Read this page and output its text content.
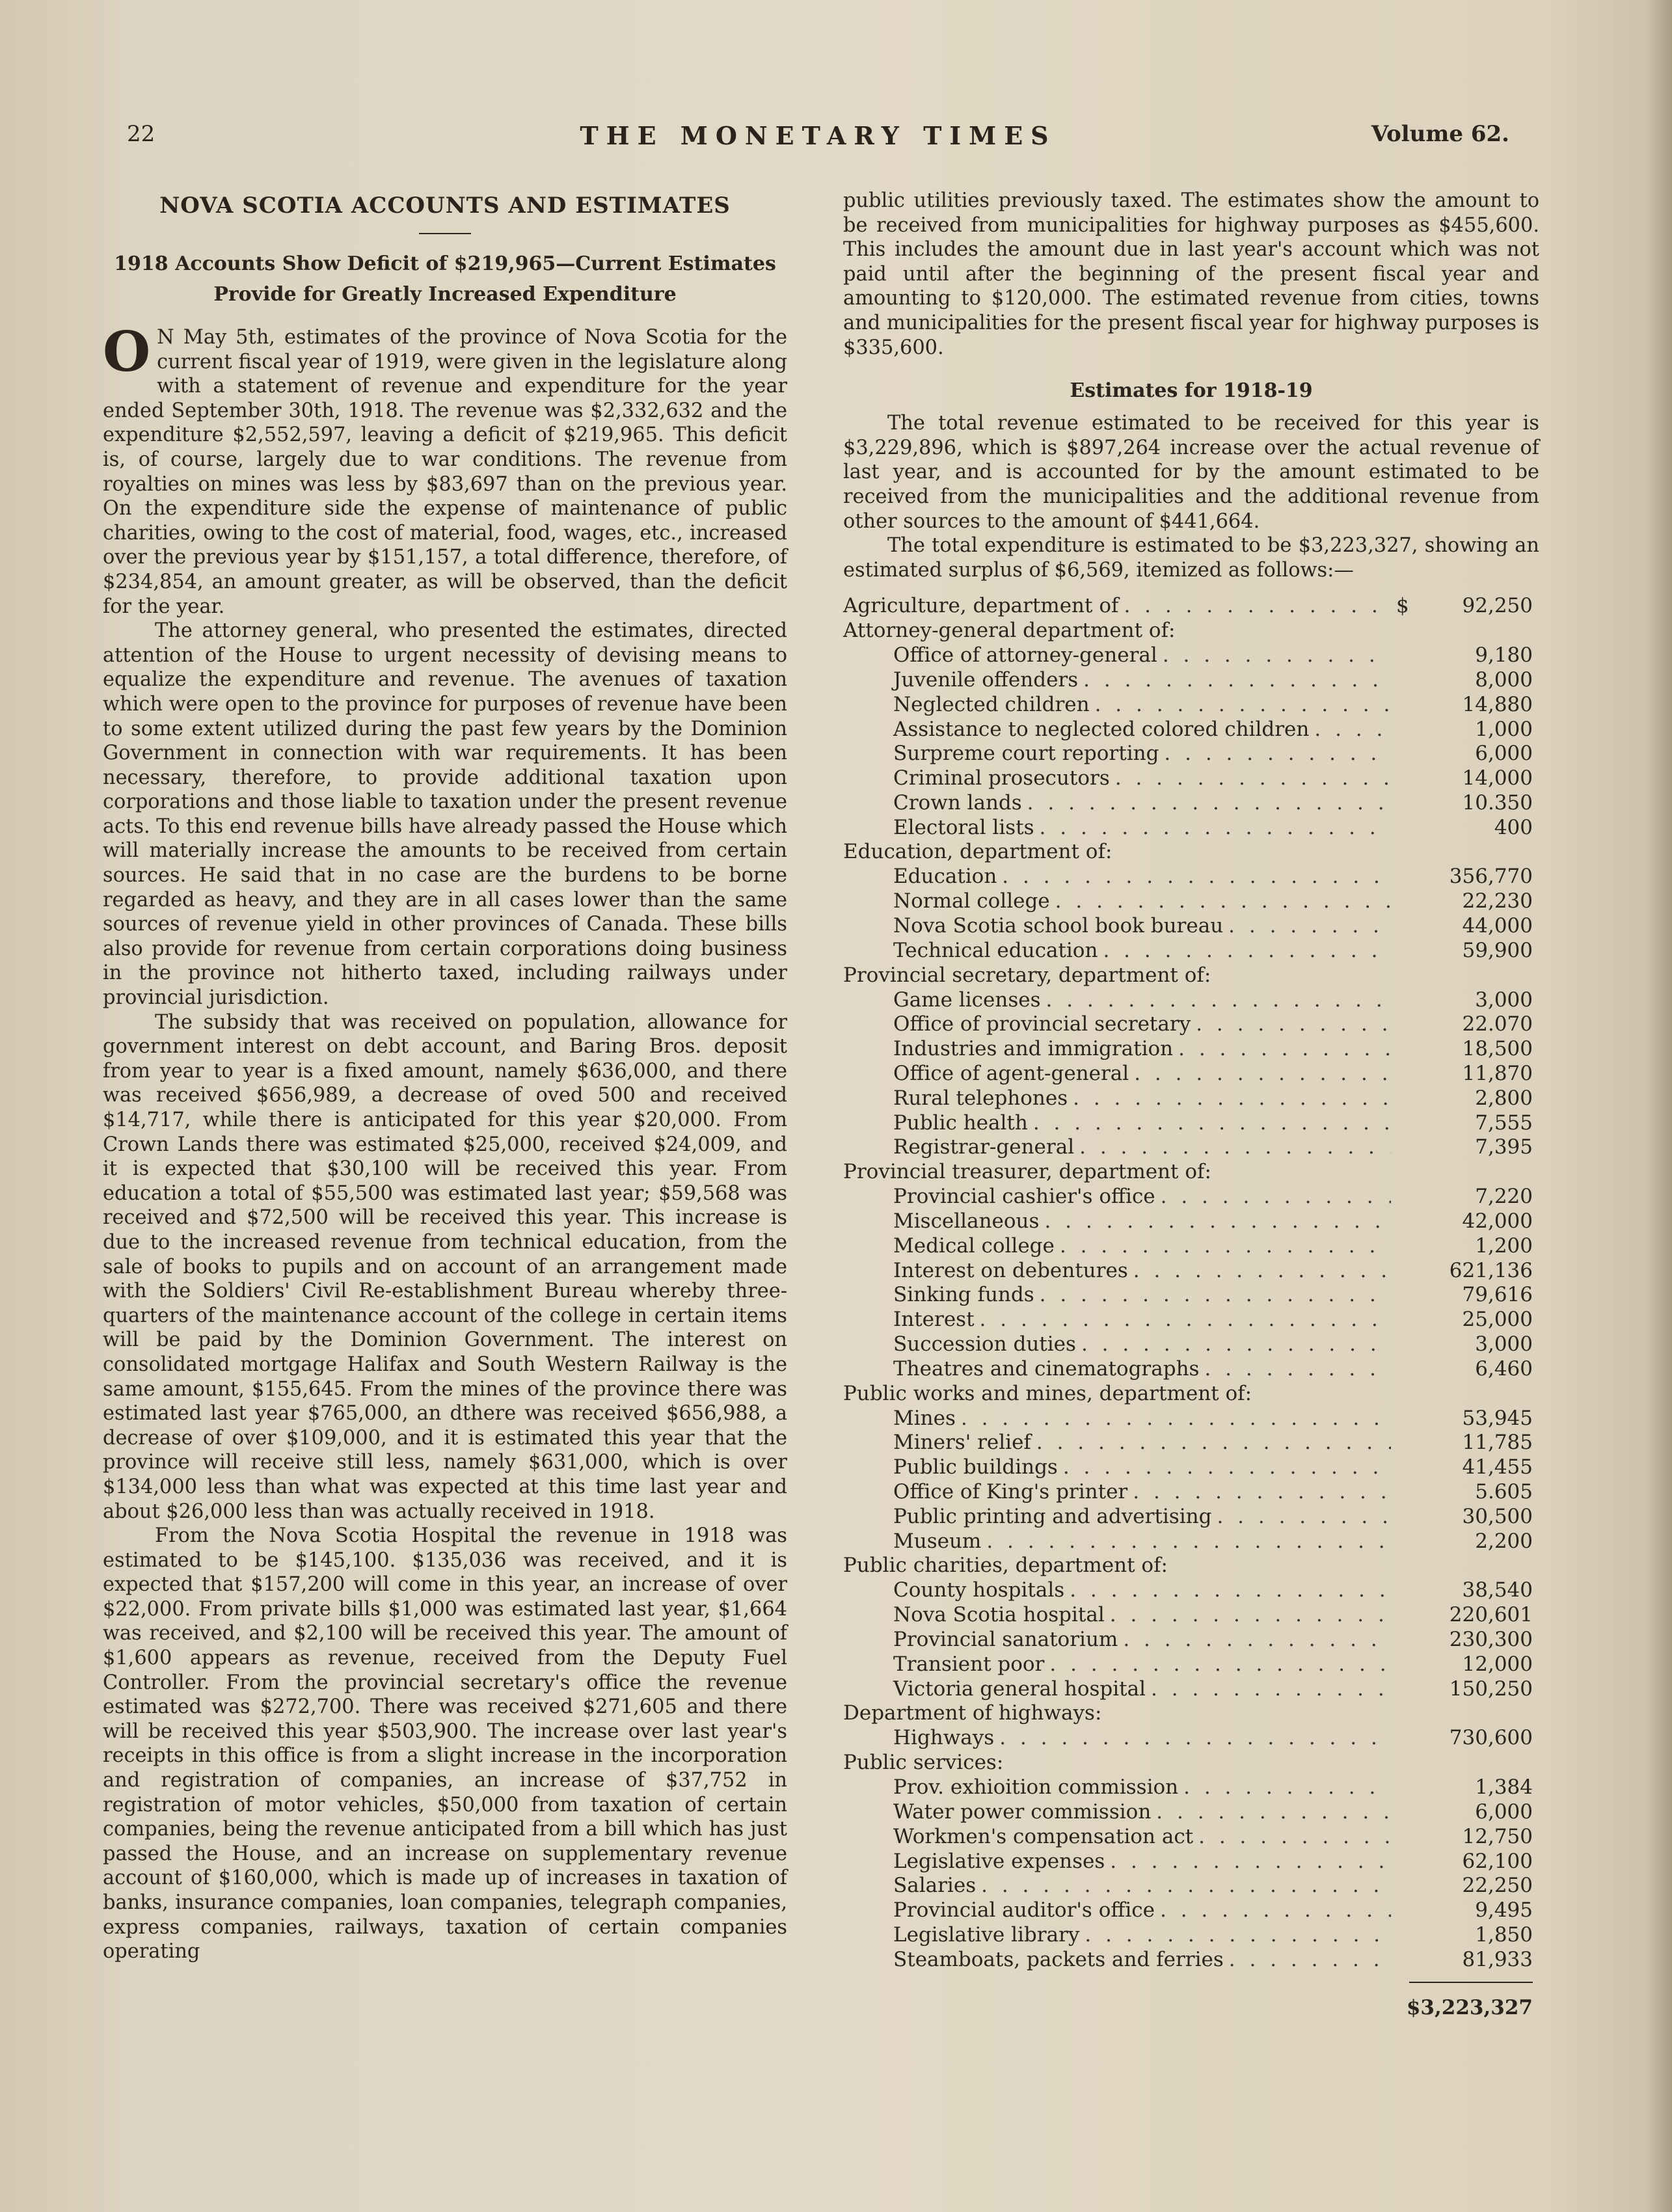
22	THE MONETARY TIMES	Volume 62.
NOVA SCOTIA ACCOUNTS AND ESTIMATES
1918 Accounts Show Deficit of $219,965—Current Estimates
Provide for Greatly Increased Expenditure

O N May 5th, estimates of the province of Nova Scotia for the current fiscal year of 1919, were given in the legislature along with a statement of revenue and expenditure for the year ended September 30th, 1918. The revenue was $2,332,632 and the expenditure $2,552,597, leaving a deficit of $219,965. This deficit is, of course, largely due to war conditions. The revenue from royalties on mines was less by $83,697 than on the previous year. On the expenditure side the expense of maintenance of public charities, owing to the cost of material, food, wages, etc., increased over the previous year by $151,157, a total difference, therefore, of $234,854, an amount greater, as will be observed, than the deficit for the year.

The attorney general, who presented the estimates, directed attention of the House to urgent necessity of devising means to equalize the expenditure and revenue. The avenues of taxation which were open to the province for purposes of revenue have been to some extent utilized during the past few years by the Dominion Government in connection with war requirements. It has been necessary, therefore, to provide additional taxation upon corporations and those liable to taxation under the present revenue acts. To this end revenue bills have already passed the House which will materially increase the amounts to be received from certain sources. He said that in no case are the burdens to be borne regarded as heavy, and they are in all cases lower than the same sources of revenue yield in other provinces of Canada. These bills also provide for revenue from certain corporations doing business in the province not hitherto taxed, including railways under provincial jurisdiction.

The subsidy that was received on population, allowance for government interest on debt account, and Baring Bros. deposit from year to year is a fixed amount, namely $636,000, and there was received $656,989, a decrease of oved 500 and received $14,717, while there is anticipated for this year $20,000. From Crown Lands there was estimated $25,000, received $24,009, and it is expected that $30,100 will be received this year. From education a total of $55,500 was estimated last year; $59,568 was received and $72,500 will be received this year. This increase is due to the increased revenue from technical education, from the sale of books to pupils and on account of an arrangement made with the Soldiers' Civil Re-establishment Bureau whereby three-quarters of the maintenance account of the college in certain items will be paid by the Dominion Government. The interest on consolidated mortgage Halifax and South Western Railway is the same amount, $155,645. From the mines of the province there was estimated last year $765,000, an dthere was received $656,988, a decrease of over $109,000, and it is estimated this year that the province will receive still less, namely $631,000, which is over $134,000 less than what was expected at this time last year and about $26,000 less than was actually received in 1918.

From the Nova Scotia Hospital the revenue in 1918 was estimated to be $145,100. $135,036 was received, and it is expected that $157,200 will come in this year, an increase of over $22,000. From private bills $1,000 was estimated last year, $1,664 was received, and $2,100 will be received this year. The amount of $1,600 appears as revenue, received from the Deputy Fuel Controller. From the provincial secretary's office the revenue estimated was $272,700. There was received $271,605 and there will be received this year $503,900. The increase over last year's receipts in this office is from a slight increase in the incorporation and registration of companies, an increase of $37,752 in registration of motor vehicles, $50,000 from taxation of certain companies, being the revenue anticipated from a bill which has just passed the House, and an increase on supplementary revenue account of $160,000, which is made up of increases in taxation of banks, insurance companies, loan companies, telegraph companies, express companies, railways, taxation of certain companies operating

public utilities previously taxed. The estimates show the amount to be received from municipalities for highway purposes as $455,600. This includes the amount due in last year's account which was not paid until after the beginning of the present fiscal year and amounting to $120,000. The estimated revenue from cities, towns and municipalities for the present fiscal year for highway purposes is $335,600.

Estimates for 1918-19

The total revenue estimated to be received for this year is $3,229,896, which is $897,264 increase over the actual revenue of last year, and is accounted for by the amount estimated to be received from the municipalities and the additional revenue from other sources to the amount of $441,664.

The total expenditure is estimated to be $3,223,327, showing an estimated surplus of $6,569, itemized as follows:—

Agriculture, department of . . .	$	92,250
Attorney-general department of:
Office of attorney-general . . .	9,180
Juvenile offenders . . .	8,000
Neglected children . . .	14,880
Assistance to neglected colored children . . .	1,000
Surpreme court reporting . . .	6,000
Criminal prosecutors . . .	14,000
Crown lands . . .	10.350
Electoral lists . . .	400
Education, department of:
Education . . .	356,770
Normal college . . .	22,230
Nova Scotia school book bureau . . .	44,000
Technical education . . .	59,900
Provincial secretary, department of:
Game licenses . . .	3,000
Office of provincial secretary . . .	22.070
Industries and immigration . . .	18,500
Office of agent-general . . .	11,870
Rural telephones . . .	2,800
Public health . . .	7,555
Registrar-general . . .	7,395
Provincial treasurer, department of:
Provincial cashier's office . . .	7,220
Miscellaneous . . .	42,000
Medical college . . .	1,200
Interest on debentures . . .	621,136
Sinking funds . . .	79,616
Interest . . .	25,000
Succession duties . . .	3,000
Theatres and cinematographs . . .	6,460
Public works and mines, department of:
Mines . . .	53,945
Miners' relief . . .	11,785
Public buildings . . .	41,455
Office of King's printer . . .	5.605
Public printing and advertising . . .	30,500
Museum . . .	2,200
Public charities, department of:
County hospitals . . .	38,540
Nova Scotia hospital . . .	220,601
Provincial sanatorium . . .	230,300
Transient poor . . .	12,000
Victoria general hospital . . .	150,250
Department of highways:
Highways . . .	730,600
Public services:
Prov. exhioition commission . . .	1,384
Water power commission . . .	6,000
Workmen's compensation act . . .	12,750
Legislative expenses . . .	62,100
Salaries . . .	22,250
Provincial auditor's office . . .	9,495
Legislative library . . .	1,850
Steamboats, packets and ferries . . .	81,933
$3,223,327
